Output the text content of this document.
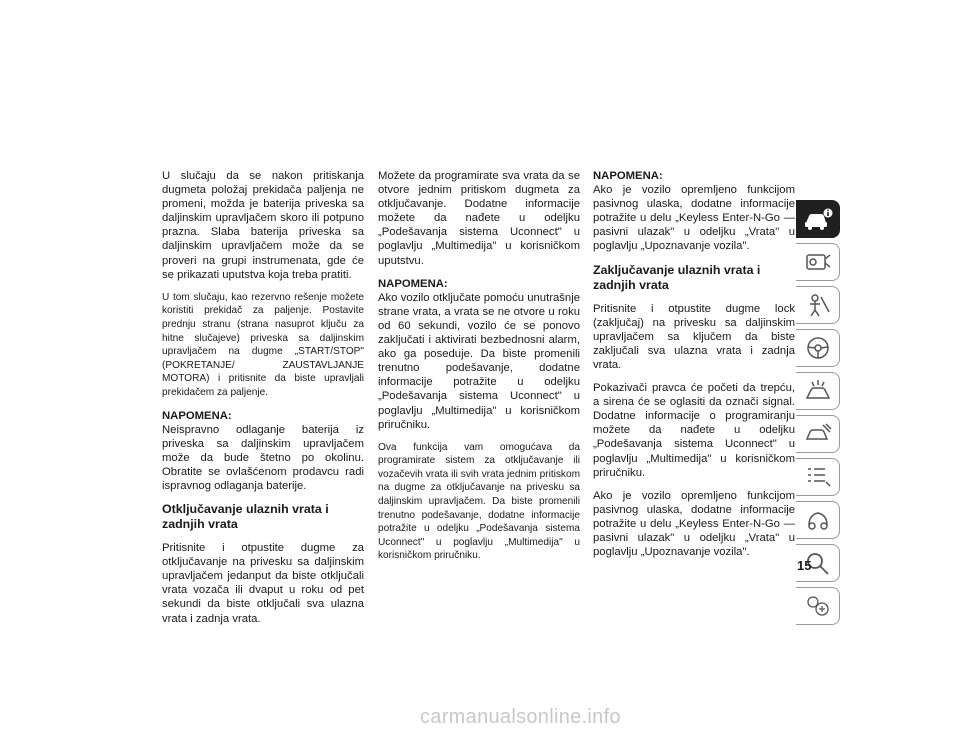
U slučaju da se nakon pritiskanja dugmeta položaj prekidača paljenja ne promeni, možda je baterija priveska sa daljinskim upravljačem skoro ili potpuno prazna. Slaba baterija priveska sa daljinskim upravljačem može da se proveri na grupi instrumenata, gde će se prikazati uputstva koja treba pratiti.

U tom slučaju, kao rezervno rešenje možete koristiti prekidač za paljenje. Postavite prednju stranu (strana nasuprot ključu za hitne slučajeve) priveska sa daljinskim upravljačem na dugme „START/STOP" (POKRETANJE/ ZAUSTAVLJANJE MOTORA) i pritisnite da biste upravljali prekidačem za paljenje.

NAPOMENA:
Neispravno odlaganje baterija iz priveska sa daljinskim upravljačem može da bude štetno po okolinu. Obratite se ovlašćenom prodavcu radi ispravnog odlaganja baterije.
Otključavanje ulaznih vrata i zadnjih vrata

Pritisnite i otpustite dugme za otključavanje na privesku sa daljinskim upravljačem jedanput da biste otključali vrata vozača ili dvaput u roku od pet sekundi da biste otključali sva ulazna vrata i zadnja vrata.

Možete da programirate sva vrata da se otvore jednim pritiskom dugmeta za otključavanje. Dodatne informacije možete da nađete u odeljku „Podešavanja sistema Uconnect" u poglavlju „Multimedija" u korisničkom uputstvu.

NAPOMENA:
Ako vozilo otključate pomoću unutrašnje strane vrata, a vrata se ne otvore u roku od 60 sekundi, vozilo će se ponovo zaključati i aktivirati bezbednosni alarm, ako ga poseduje. Da biste promenili trenutno podešavanje, dodatne informacije potražite u odeljku „Podešavanja sistema Uconnect" u poglavlju „Multimedija" u korisničkom priručniku.

Ova funkcija vam omogućava da programirate sistem za otključavanje ili vozačevih vrata ili svih vrata jednim pritiskom na dugme za otključavanje na privesku sa daljinskim upravljačem. Da biste promenili trenutno podešavanje, dodatne informacije potražite u odeljku „Podešavanja sistema Uconnect" u poglavlju „Multimedija" u korisničkom priručniku.

NAPOMENA:
Ako je vozilo opremljeno funkcijom pasivnog ulaska, dodatne informacije potražite u delu „Keyless Enter-N-Go — pasivni ulazak" u odeljku „Vrata" u poglavlju „Upoznavanje vozila".
Zaključavanje ulaznih vrata i zadnjih vrata

Pritisnite i otpustite dugme lock (zaključaj) na privesku sa daljinskim upravljačem sa ključem da biste zaključali sva ulazna vrata i zadnja vrata.

Pokazivači pravca će početi da trepću, a sirena će se oglasiti da označi signal. Dodatne informacije o programiranju možete da nađete u odeljku „Podešavanja sistema Uconnect" u poglavlju „Multimedija" u korisničkom priručniku.

Ako je vozilo opremljeno funkcijom pasivnog ulaska, dodatne informacije potražite u delu „Keyless Enter-N-Go — pasivni ulazak" u odeljku „Vrata" u poglavlju „Upoznavanje vozila".

15
carmanualsonline.info
